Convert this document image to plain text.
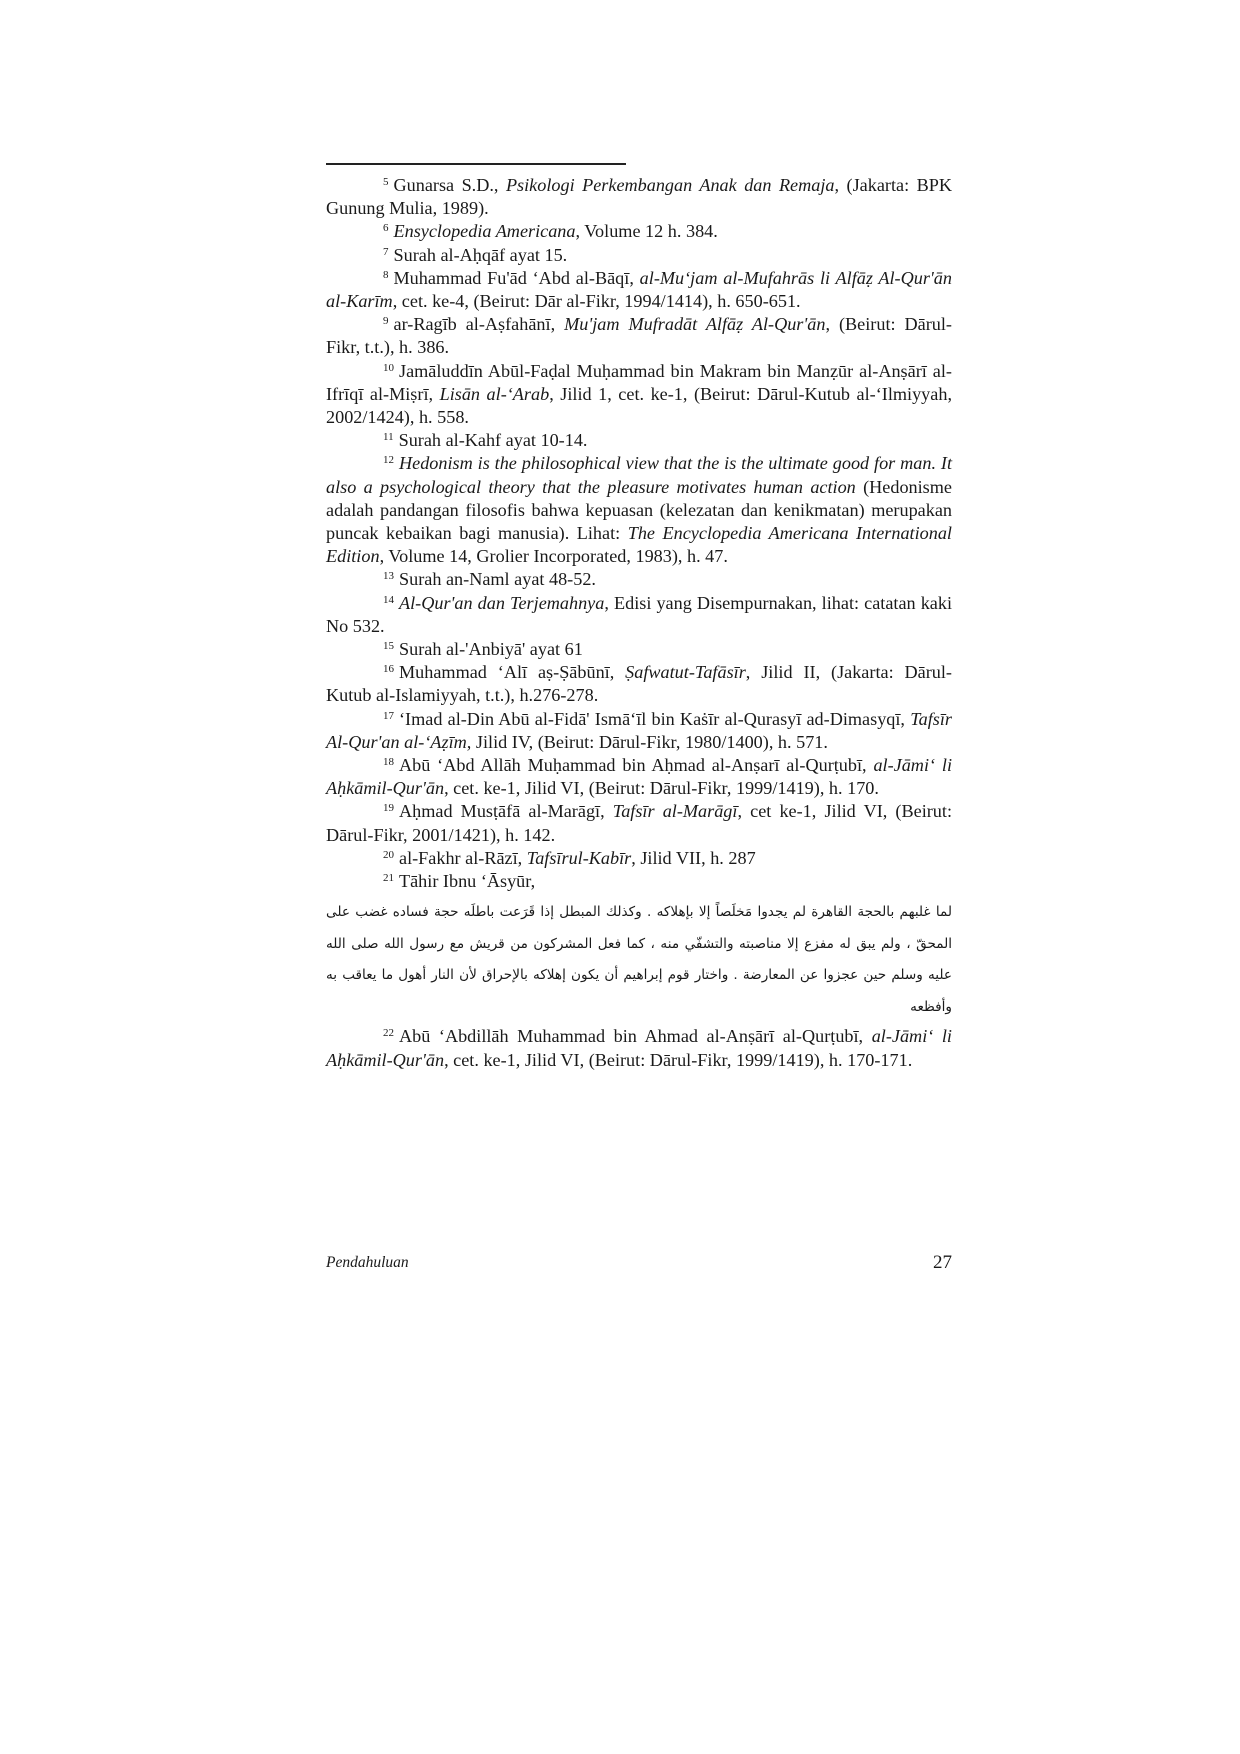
$^5$ Gunarsa S.D., Psikologi Perkembangan Anak dan Remaja, (Jakarta: BPK Gunung Mulia, 1989).

$^6$ Ensyclopedia Americana, Volume 12 h. 384.

$^7$ Surah al-Aḥqāf ayat 15.

$^8$ Muhammad Fu'ād ‘Abd al-Bāqī, al-Mu‘jam al-Mufahrās li Alfāẓ Al-Qur'ān al-Karīm, cet. ke-4, (Beirut: Dār al-Fikr, 1994/1414), h. 650-651.

$^9$ ar-Ragīb al-Aṣfahānī, Mu'jam Mufradāt Alfāẓ Al-Qur'ān, (Beirut: Dārul-Fikr, t.t.), h. 386.

$^{10}$ Jamāluddīn Abūl-Faḍal Muḥammad bin Makram bin Manẓūr al-Anṣārī al-Ifrīqī al-Miṣrī, Lisān al-‘Arab, Jilid 1, cet. ke-1, (Beirut: Dārul-Kutub al-‘Ilmiyyah, 2002/1424), h. 558.

$^{11}$ Surah al-Kahf ayat 10-14.

$^{12}$ Hedonism is the philosophical view that the is the ultimate good for man. It also a psychological theory that the pleasure motivates human action (Hedonisme adalah pandangan filosofis bahwa kepuasan (kelezatan dan kenikmatan) merupakan puncak kebaikan bagi manusia). Lihat: The Encyclopedia Americana International Edition, Volume 14, Grolier Incorporated, 1983), h. 47.

$^{13}$ Surah an-Naml ayat 48-52.

$^{14}$ Al-Qur'an dan Terjemahnya, Edisi yang Disempurnakan, lihat: catatan kaki No 532.

$^{15}$ Surah al-'Anbiyā' ayat 61

$^{16}$ Muhammad ‘Alī aṣ-Ṣābūnī, Ṣafwatut-Tafāsīr, Jilid II, (Jakarta: Dārul-Kutub al-Islamiyyah, t.t.), h.276-278.

$^{17}$ ‘Imad al-Din Abū al-Fidā' Ismā‘īl bin Kaṡīr al-Qurasyī ad-Dimasyqī, Tafsīr Al-Qur'an al-‘Aẓīm, Jilid IV, (Beirut: Dārul-Fikr, 1980/1400), h. 571.

$^{18}$ Abū ‘Abd Allāh Muḥammad bin Aḥmad al-Anṣarī al-Qurṭubī, al-Jāmi‘ li Aḥkāmil-Qur'ān, cet. ke-1, Jilid VI, (Beirut: Dārul-Fikr, 1999/1419), h. 170.

$^{19}$ Aḥmad Musṭāfā al-Marāgī, Tafsīr al-Marāgī, cet ke-1, Jilid VI, (Beirut: Dārul-Fikr, 2001/1421), h. 142.

$^{20}$ al-Fakhr al-Rāzī, Tafsīrul-Kabīr, Jilid VII, h. 287

$^{21}$ Tāhir Ibnu ‘Āsyūr,

لما غلبهم بالحجة القاهرة لم يجدوا مَخلَصاً إلا بإهلاكه . وكذلك المبطل إذا قَرَعت باطلَه حجة فساده غضب على المحقّ ، ولم يبق له مفزع إلا مناصبته والتشفّي منه ، كما فعل المشركون من قريش مع رسول الله صلى الله عليه وسلم حين عجزوا عن المعارضة . واختار قوم إبراهيم أن يكون إهلاكه بالإحراق لأن النار أهول ما يعاقب به وأفظعه

$^{22}$ Abū ‘Abdillāh Muhammad bin Ahmad al-Anṣārī al-Qurṭubī, al-Jāmi‘ li Aḥkāmil-Qur'ān, cet. ke-1, Jilid VI, (Beirut: Dārul-Fikr, 1999/1419), h. 170-171.

Pendahuluan	27
